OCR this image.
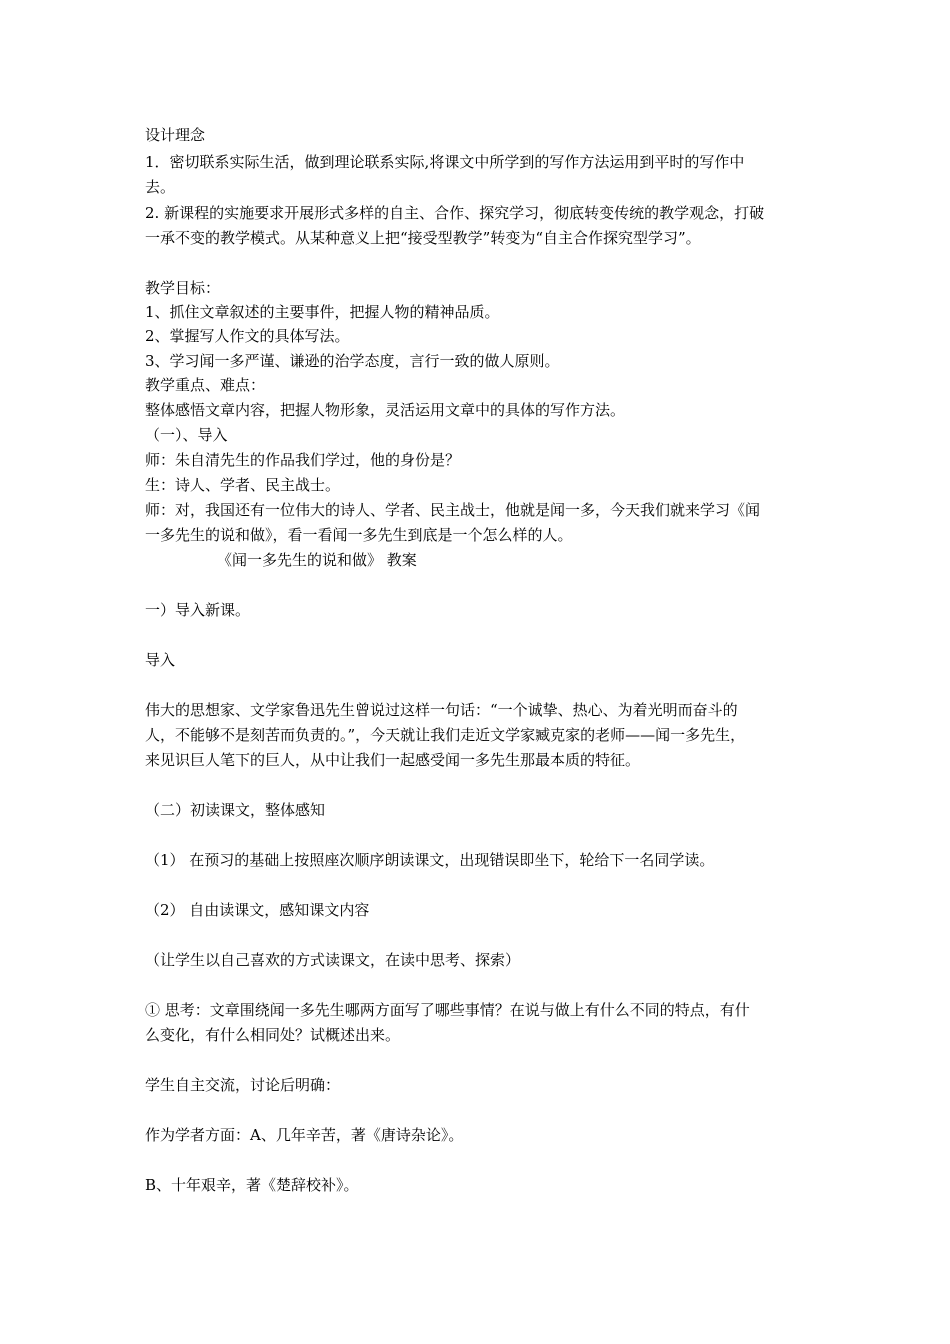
设计理念

1．密切联系实际生活，做到理论联系实际,将课文中所学到的写作方法运用到平时的写作中

去。

2. 新课程的实施要求开展形式多样的自主、合作、探究学习，彻底转变传统的教学观念，打破

一承不变的教学模式。从某种意义上把“接受型教学”转变为“自主合作探究型学习”。

教学目标：

1、抓住文章叙述的主要事件，把握人物的精神品质。

2、掌握写人作文的具体写法。

3、学习闻一多严谨、谦逊的治学态度，言行一致的做人原则。

教学重点、难点：

整体感悟文章内容，把握人物形象，灵活运用文章中的具体的写作方法。

（一）、导入

师：朱自清先生的作品我们学过，他的身份是？

生：诗人、学者、民主战士。

师：对，我国还有一位伟大的诗人、学者、民主战士，他就是闻一多，今天我们就来学习《闻

一多先生的说和做》，看一看闻一多先生到底是一个怎么样的人。

《闻一多先生的说和做》 教案

一）导入新课。

导入

伟大的思想家、文学家鲁迅先生曾说过这样一句话：“一个诚挚、热心、为着光明而奋斗的

人，不能够不是刻苦而负责的。”，今天就让我们走近文学家臧克家的老师——闻一多先生，

来见识巨人笔下的巨人，从中让我们一起感受闻一多先生那最本质的特征。

（二）初读课文，整体感知

（1） 在预习的基础上按照座次顺序朗读课文，出现错误即坐下，轮给下一名同学读。

（2） 自由读课文，感知课文内容

（让学生以自己喜欢的方式读课文，在读中思考、探索）

① 思考：文章围绕闻一多先生哪两方面写了哪些事情？在说与做上有什么不同的特点，有什

么变化，有什么相同处？试概述出来。

学生自主交流，讨论后明确：

作为学者方面：A、几年辛苦，著《唐诗杂论》。

B、十年艰辛，著《楚辞校补》。
